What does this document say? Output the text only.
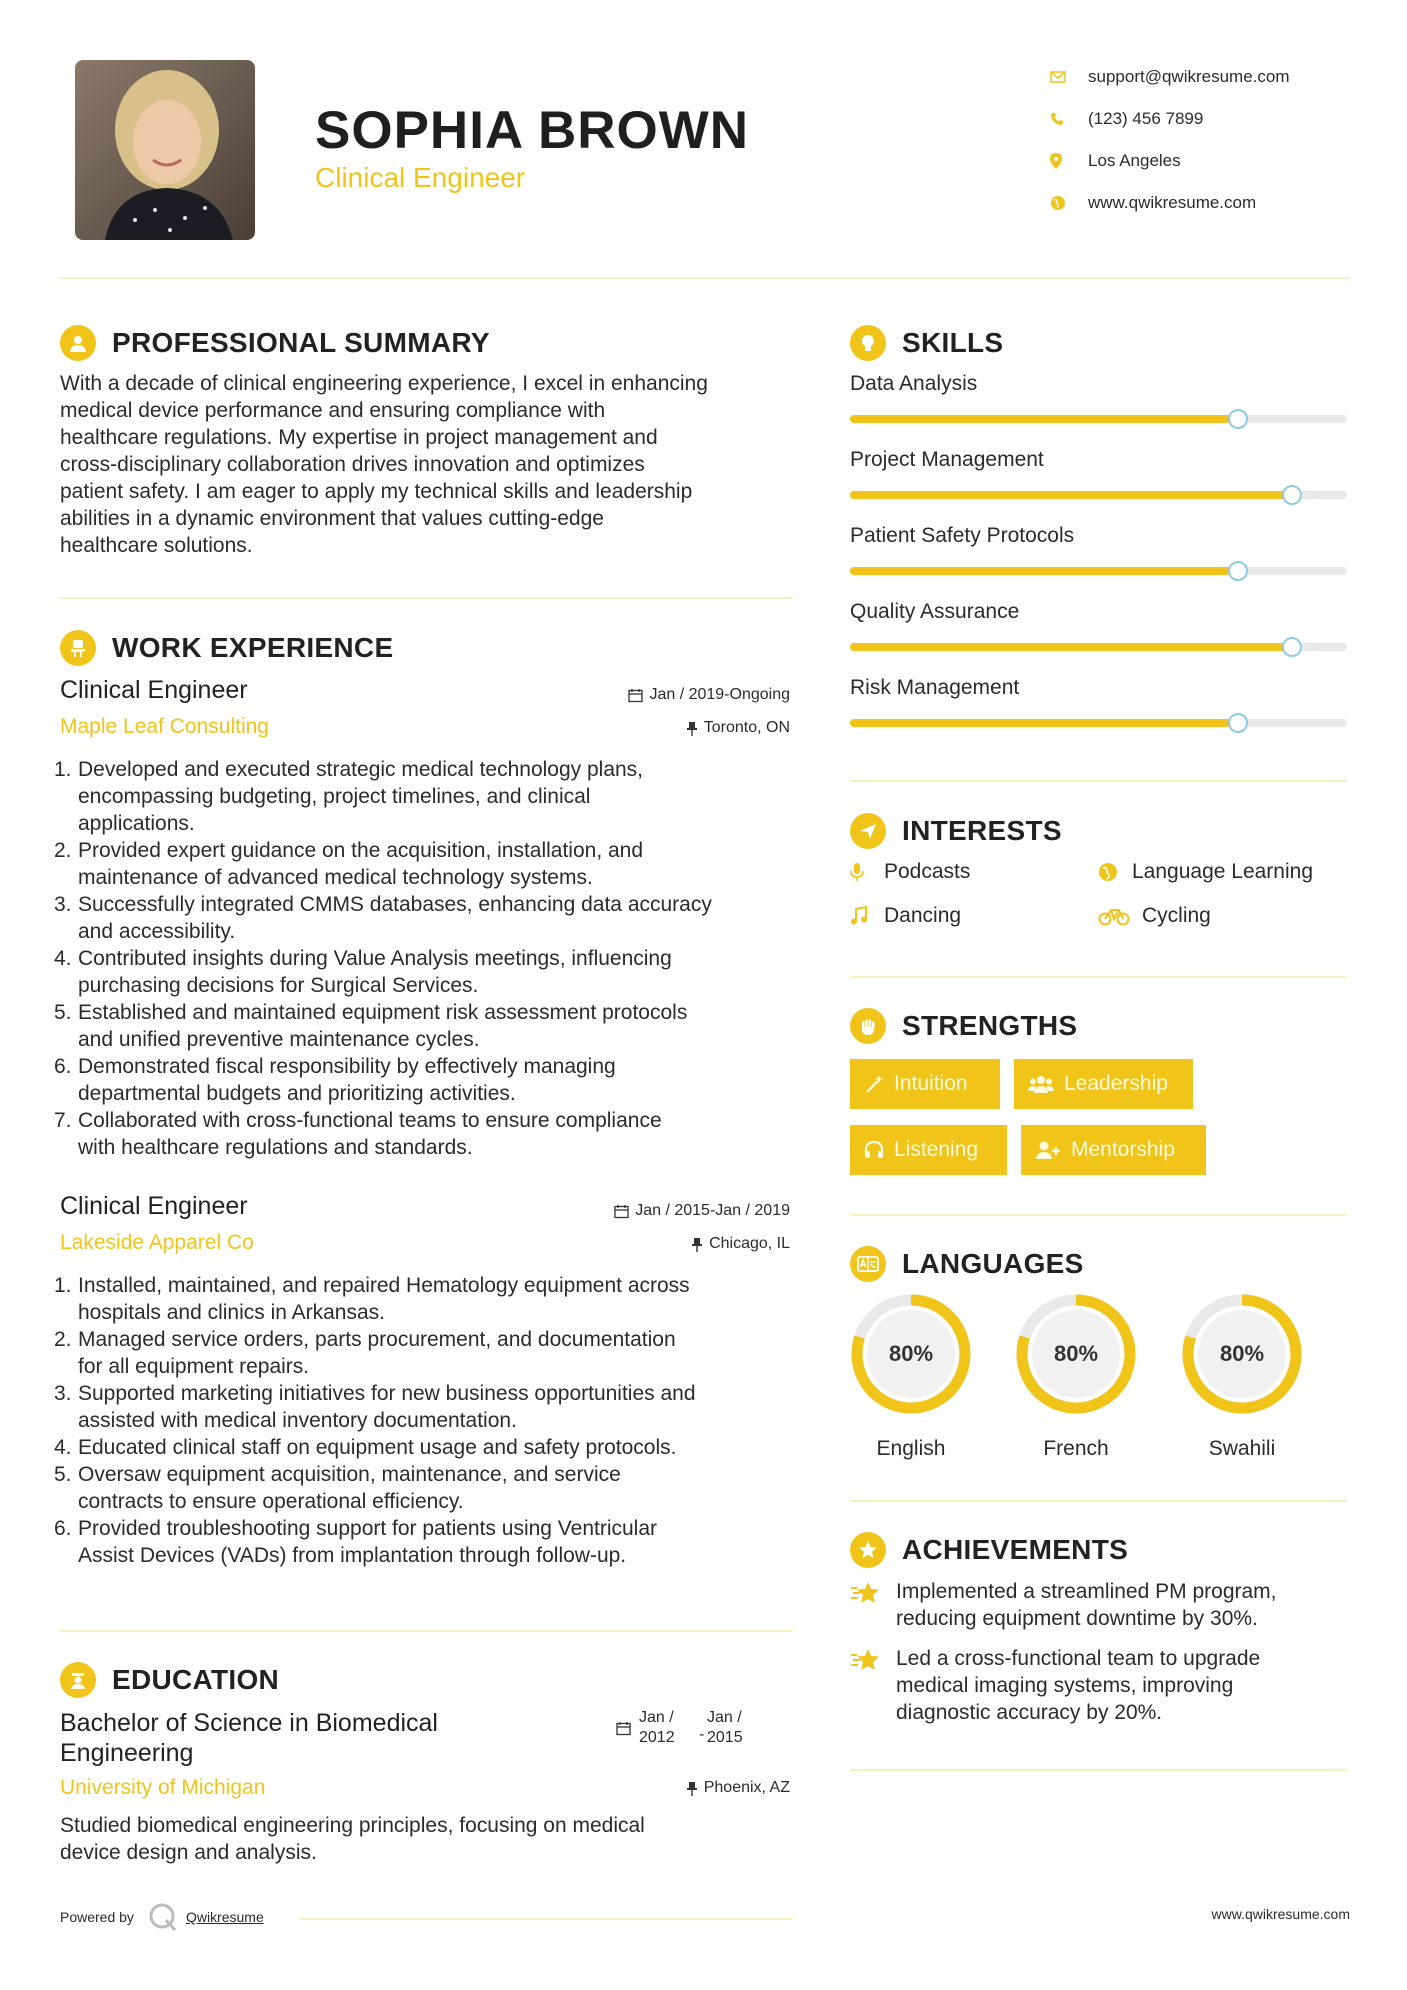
SOPHIA BROWN
Clinical Engineer
support@qwikresume.com
(123) 456 7899
Los Angeles
www.qwikresume.com
PROFESSIONAL SUMMARY
With a decade of clinical engineering experience, I excel in enhancing
medical device performance and ensuring compliance with
healthcare regulations. My expertise in project management and
cross-disciplinary collaboration drives innovation and optimizes
patient safety. I am eager to apply my technical skills and leadership
abilities in a dynamic environment that values cutting-edge
healthcare solutions.
WORK EXPERIENCE
Clinical Engineer
Maple Leaf Consulting
Jan / 2019-Ongoing
Toronto, ON
1. Developed and executed strategic medical technology plans,
encompassing budgeting, project timelines, and clinical
applications.
2. Provided expert guidance on the acquisition, installation, and
maintenance of advanced medical technology systems.
3. Successfully integrated CMMS databases, enhancing data accuracy
and accessibility.
4. Contributed insights during Value Analysis meetings, influencing
purchasing decisions for Surgical Services.
5. Established and maintained equipment risk assessment protocols
and unified preventive maintenance cycles.
6. Demonstrated fiscal responsibility by effectively managing
departmental budgets and prioritizing activities.
7. Collaborated with cross-functional teams to ensure compliance
with healthcare regulations and standards.
Clinical Engineer
Lakeside Apparel Co
Jan / 2015-Jan / 2019
Chicago, IL
1. Installed, maintained, and repaired Hematology equipment across
hospitals and clinics in Arkansas.
2. Managed service orders, parts procurement, and documentation
for all equipment repairs.
3. Supported marketing initiatives for new business opportunities and
assisted with medical inventory documentation.
4. Educated clinical staff on equipment usage and safety protocols.
5. Oversaw equipment acquisition, maintenance, and service
contracts to ensure operational efficiency.
6. Provided troubleshooting support for patients using Ventricular
Assist Devices (VADs) from implantation through follow-up.
EDUCATION
Bachelor of Science in Biomedical
Engineering
University of Michigan
Jan /
2012	-
Jan /
2015
Phoenix, AZ
Studied biomedical engineering principles, focusing on medical
device design and analysis.
Powered by	Qwikresume	www.qwikresume.com
SKILLS
Data Analysis
Project Management
Patient Safety Protocols
Quality Assurance
Risk Management
INTERESTS
Podcasts	Language Learning
Dancing	Cycling
STRENGTHS
Intuition	Leadership
Listening	Mentorship
LANGUAGES
80%
English
80%
French
80%
Swahili
ACHIEVEMENTS
Implemented a streamlined PM program,
reducing equipment downtime by 30%.
Led a cross-functional team to upgrade
medical imaging systems, improving
diagnostic accuracy by 20%.
